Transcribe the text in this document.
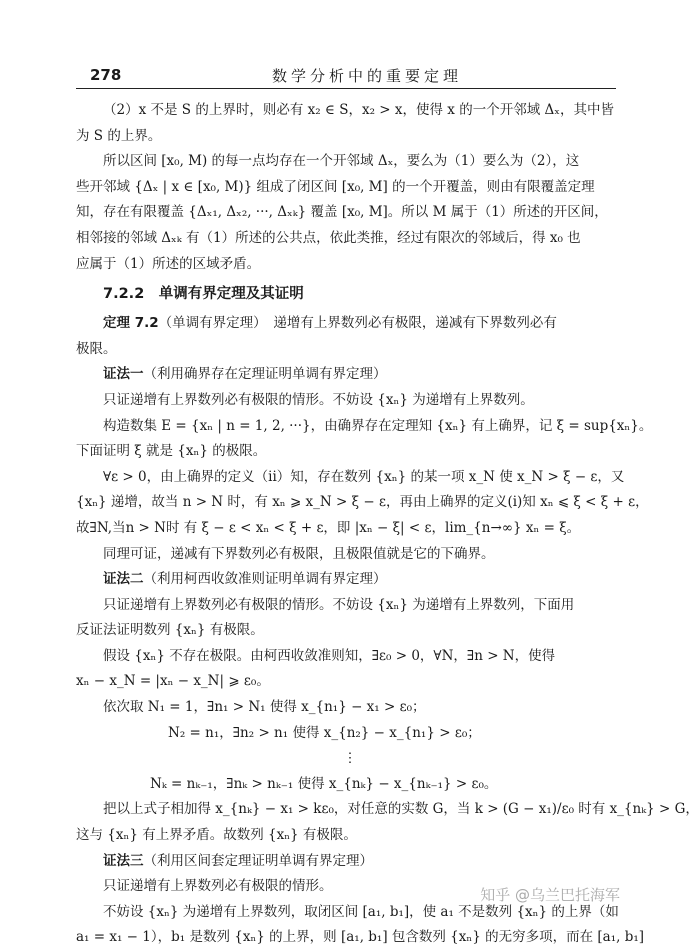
278	数学分析中的重要定理
（2）x 不是 S 的上界时，则必有 x₂ ∈ S，x₂ > x，使得 x 的一个开邻域 Δₓ，其中皆
为 S 的上界。
所以区间 [x₀, M) 的每一点均存在一个开邻域 Δₓ，要么为（1）要么为（2），这
些开邻域 {Δₓ | x ∈ [x₀, M)} 组成了闭区间 [x₀, M] 的一个开覆盖，则由有限覆盖定理
知，存在有限覆盖 {Δₓ₁, Δₓ₂, ···, Δₓₖ} 覆盖 [x₀, M]。所以 M 属于（1）所述的开区间，
相邻接的邻域 Δₓₖ 有（1）所述的公共点，依此类推，经过有限次的邻域后，得 x₀ 也
应属于（1）所述的区域矛盾。
7.2.2　单调有界定理及其证明
定理 7.2（单调有界定理）　 递增有上界数列必有极限，递减有下界数列必有
极限。
证法一（利用确界存在定理证明单调有界定理）
只证递增有上界数列必有极限的情形。不妨设 {xₙ} 为递增有上界数列。
构造数集 E = {xₙ | n = 1, 2, ···}，由确界存在定理知 {xₙ} 有上确界，记 ξ = sup{xₙ}。
下面证明 ξ 就是 {xₙ} 的极限。
∀ε > 0，由上确界的定义（ii）知，存在数列 {xₙ} 的某一项 x_N 使 x_N > ξ − ε，又
{xₙ} 递增，故当 n > N 时，有 xₙ ⩾ x_N > ξ − ε，再由上确界的定义(i)知 xₙ ⩽ ξ < ξ + ε，
故∃N,当n > N时 有 ξ − ε < xₙ < ξ + ε，即 |xₙ − ξ| < ε，lim_{n→∞} xₙ = ξ。
同理可证，递减有下界数列必有极限，且极限值就是它的下确界。
证法二（利用柯西收敛准则证明单调有界定理）
只证递增有上界数列必有极限的情形。不妨设 {xₙ} 为递增有上界数列，下面用
反证法证明数列 {xₙ} 有极限。
假设 {xₙ} 不存在极限。由柯西收敛准则知，∃ε₀ > 0，∀N，∃n > N，使得
xₙ − x_N = |xₙ − x_N| ⩾ ε₀。
依次取 N₁ = 1，∃n₁ > N₁ 使得 x_{n₁} − x₁ > ε₀；
N₂ = n₁，∃n₂ > n₁ 使得 x_{n₂} − x_{n₁} > ε₀；
⋮
Nₖ = nₖ₋₁，∃nₖ > nₖ₋₁ 使得 x_{nₖ} − x_{nₖ₋₁} > ε₀。
把以上式子相加得 x_{nₖ} − x₁ > kε₀，对任意的实数 G，当 k > (G − x₁)/ε₀ 时有 x_{nₖ} > G，
这与 {xₙ} 有上界矛盾。故数列 {xₙ} 有极限。
证法三（利用区间套定理证明单调有界定理）
只证递增有上界数列必有极限的情形。
不妨设 {xₙ} 为递增有上界数列，取闭区间 [a₁, b₁]，使 a₁ 不是数列 {xₙ} 的上界（如
a₁ = x₁ − 1），b₁ 是数列 {xₙ} 的上界，则 [a₁, b₁] 包含数列 {xₙ} 的无穷多项，而在 [a₁, b₁]
知乎 @乌兰巴托海军
